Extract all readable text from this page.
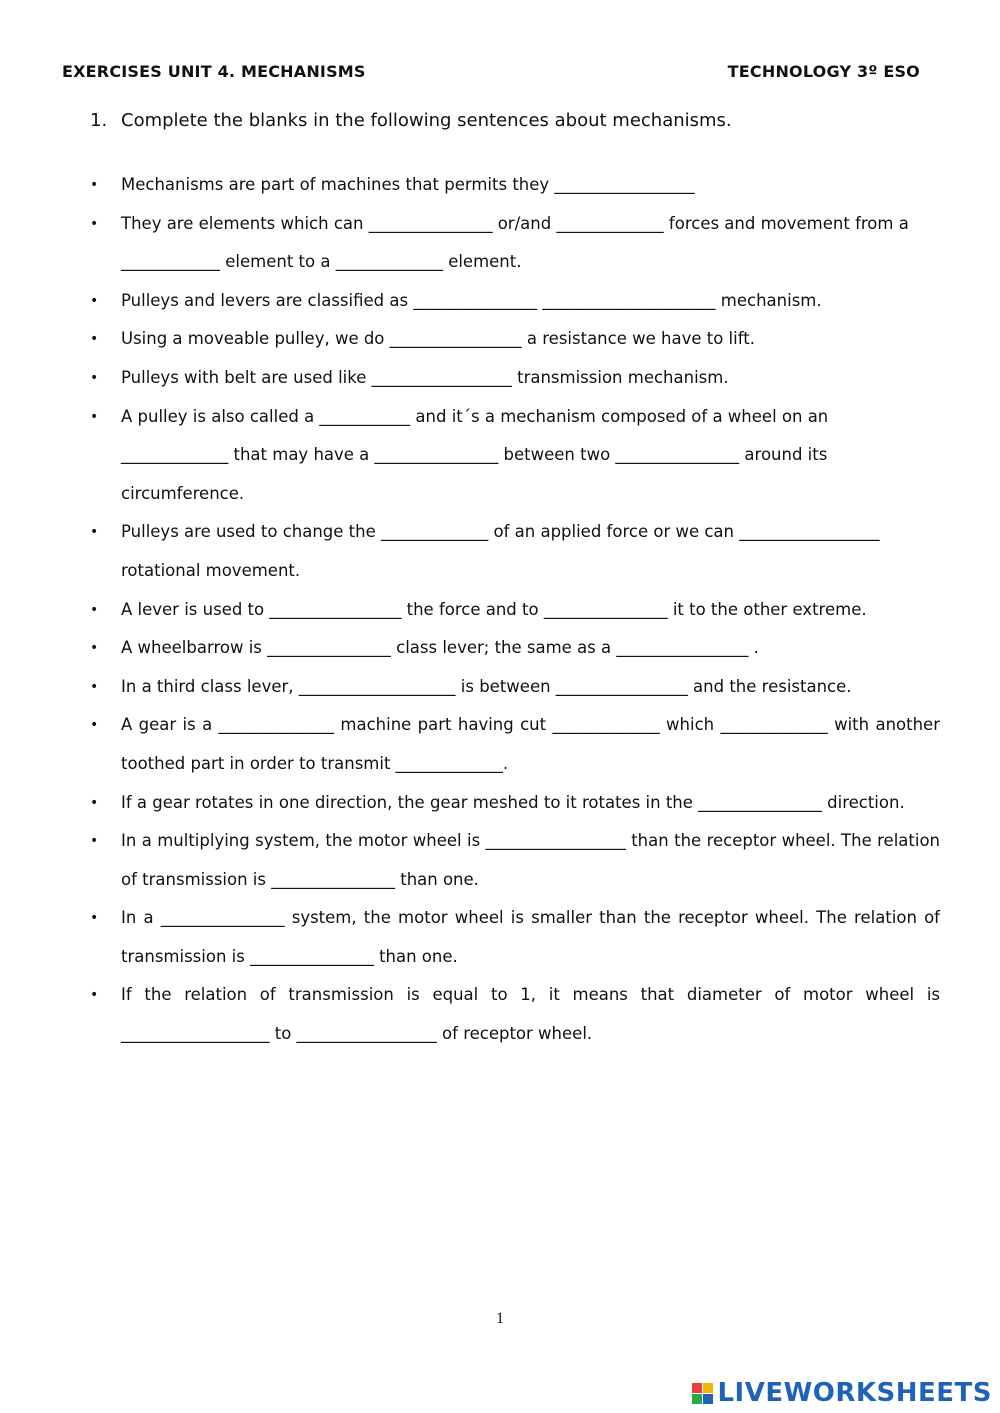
EXERCISES UNIT 4. MECHANISMS	TECHNOLOGY 3º ESO
1. Complete the blanks in the following sentences about mechanisms.
• Mechanisms are part of machines that permits they _________________
• They are elements which can _______________ or/and _____________ forces and movement from a ____________ element to a _____________ element.
• Pulleys and levers are classified as _______________ _____________________ mechanism.
• Using a moveable pulley, we do ________________ a resistance we have to lift.
• Pulleys with belt are used like _________________ transmission mechanism.
• A pulley is also called a ___________ and it´s a mechanism composed of a wheel on an _____________ that may have a _______________ between two _______________ around its circumference.
• Pulleys are used to change the _____________ of an applied force or we can _________________ rotational movement.
• A lever is used to ________________ the force and to _______________ it to the other extreme.
• A wheelbarrow is _______________ class lever; the same as a ________________ .
• In a third class lever, ___________________ is between ________________ and the resistance.
• A gear is a ______________ machine part having cut _____________ which _____________ with another toothed part in order to transmit _____________.
• If a gear rotates in one direction, the gear meshed to it rotates in the _______________ direction.
• In a multiplying system, the motor wheel is _________________ than the receptor wheel. The relation of transmission is _______________ than one.
• In a _______________ system, the motor wheel is smaller than the receptor wheel. The relation of transmission is _______________ than one.
• If the relation of transmission is equal to 1, it means that diameter of motor wheel is __________________ to _________________ of receptor wheel.
1
LIVEWORKSHEETS
